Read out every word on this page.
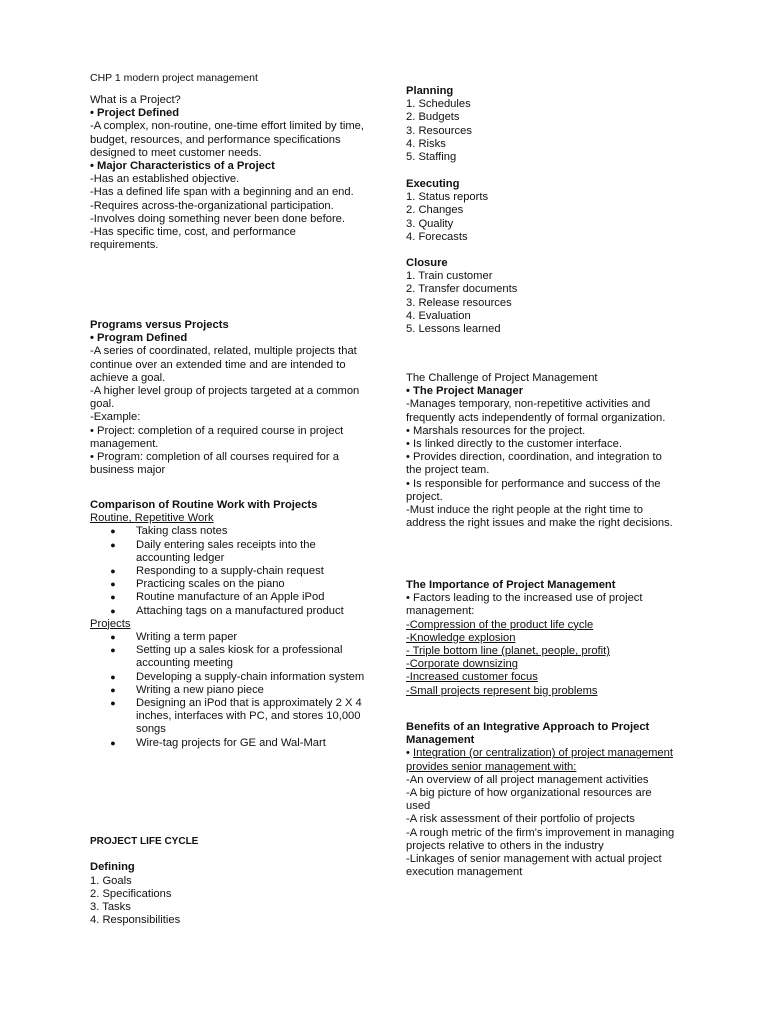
CHP 1 modern project management
What is a Project?
• Project Defined
-A complex, non-routine, one-time effort limited by time, budget, resources, and performance specifications designed to meet customer needs.
• Major Characteristics of a Project
-Has an established objective.
-Has a defined life span with a beginning and an end.
-Requires across-the-organizational participation.
-Involves doing something never been done before.
-Has specific time, cost, and performance requirements.
Programs versus Projects
• Program Defined
-A series of coordinated, related, multiple projects that continue over an extended time and are intended to achieve a goal.
-A higher level group of projects targeted at a common goal.
-Example:
• Project: completion of a required course in project management.
• Program: completion of all courses required for a business major
Comparison of Routine Work with Projects
Routine, Repetitive Work
●	Taking class notes
●	Daily entering sales receipts into the accounting ledger
●	Responding to a supply-chain request
●	Practicing scales on the piano
●	Routine manufacture of an Apple iPod
●	Attaching tags on a manufactured product
Projects
●	Writing a term paper
●	Setting up a sales kiosk for a professional accounting meeting
●	Developing a supply-chain information system
●	Writing a new piano piece
●	Designing an iPod that is approximately 2 X 4 inches, interfaces with PC, and stores 10,000 songs
●	Wire-tag projects for GE and Wal-Mart
PROJECT LIFE CYCLE
Defining
1. Goals
2. Specifications
3. Tasks
4. Responsibilities
Planning
1. Schedules
2. Budgets
3. Resources
4. Risks
5. Staffing
Executing
1. Status reports
2. Changes
3. Quality
4. Forecasts
Closure
1. Train customer
2. Transfer documents
3. Release resources
4. Evaluation
5. Lessons learned
The Challenge of Project Management
• The Project Manager
-Manages temporary, non-repetitive activities and frequently acts independently of formal organization.
• Marshals resources for the project.
• Is linked directly to the customer interface.
• Provides direction, coordination, and integration to the project team.
• Is responsible for performance and success of the project.
-Must induce the right people at the right time to address the right issues and make the right decisions.
The Importance of Project Management
• Factors leading to the increased use of project management:
-Compression of the product life cycle
-Knowledge explosion
- Triple bottom line (planet, people, profit)
-Corporate downsizing
-Increased customer focus
-Small projects represent big problems
Benefits of an Integrative Approach to Project Management
• Integration (or centralization) of project management provides senior management with:
-An overview of all project management activities
-A big picture of how organizational resources are used
-A risk assessment of their portfolio of projects
-A rough metric of the firm's improvement in managing projects relative to others in the industry
-Linkages of senior management with actual project execution management
